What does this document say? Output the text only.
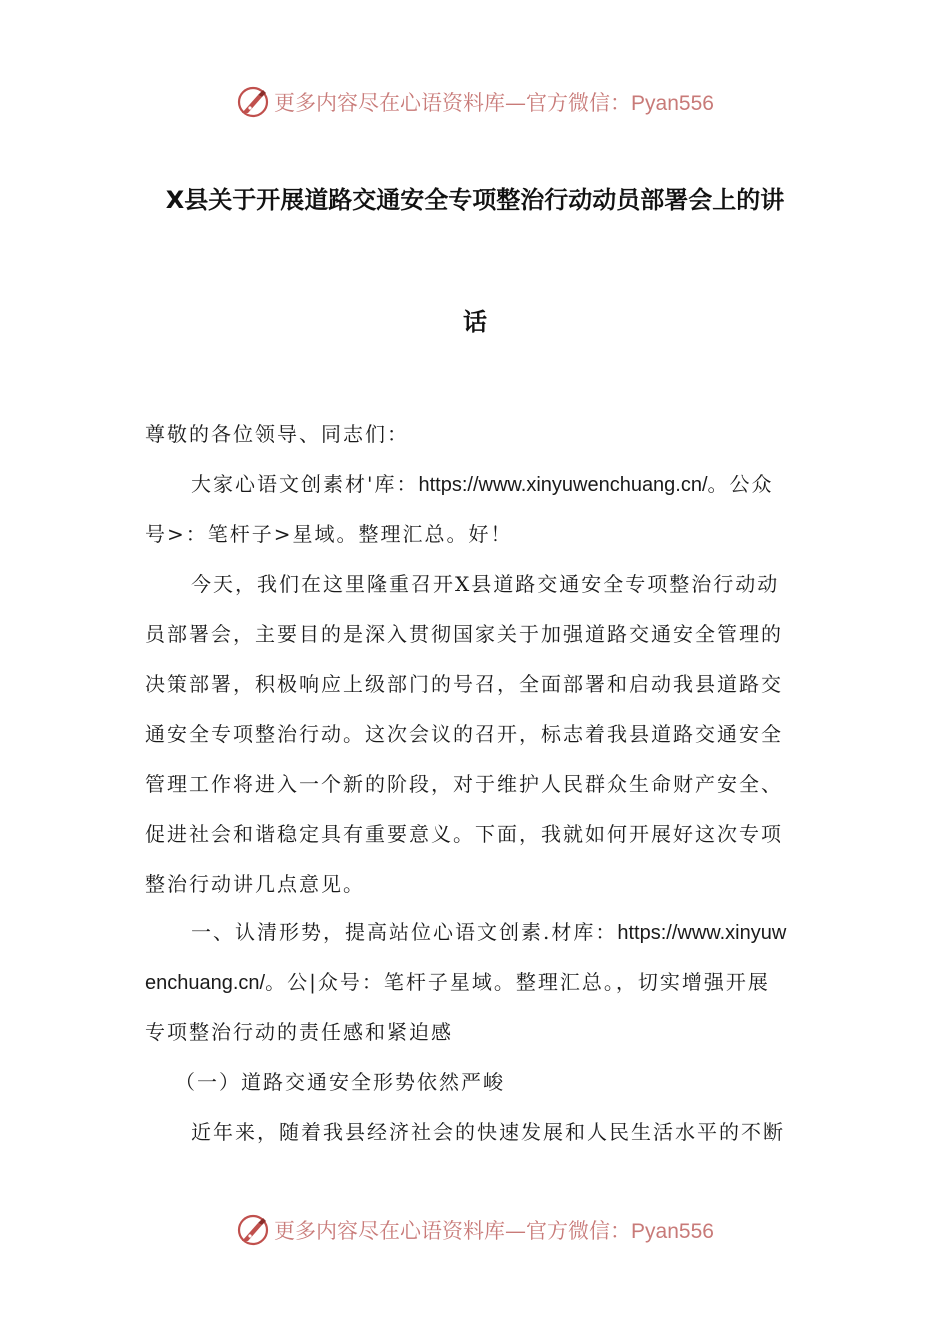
更多内容尽在心语资料库—官方微信：Pyan556
X县关于开展道路交通安全专项整治行动动员部署会上的讲
话
尊敬的各位领导、同志们：
大家心语文创素材'库：https://www.xinyuwenchuang.cn/。公众
号>：笔杆子>星域。整理汇总。好！
今天，我们在这里隆重召开X县道路交通安全专项整治行动动
员部署会，主要目的是深入贯彻国家关于加强道路交通安全管理的
决策部署，积极响应上级部门的号召，全面部署和启动我县道路交
通安全专项整治行动。这次会议的召开，标志着我县道路交通安全
管理工作将进入一个新的阶段，对于维护人民群众生命财产安全、
促进社会和谐稳定具有重要意义。下面，我就如何开展好这次专项
整治行动讲几点意见。
一、认清形势，提高站位心语文创素.材库：https://www.xinyuw
enchuang.cn/。公|众号：笔杆子星域。整理汇总。，切实增强开展
专项整治行动的责任感和紧迫感
（一）道路交通安全形势依然严峻
近年来，随着我县经济社会的快速发展和人民生活水平的不断
更多内容尽在心语资料库—官方微信：Pyan556
